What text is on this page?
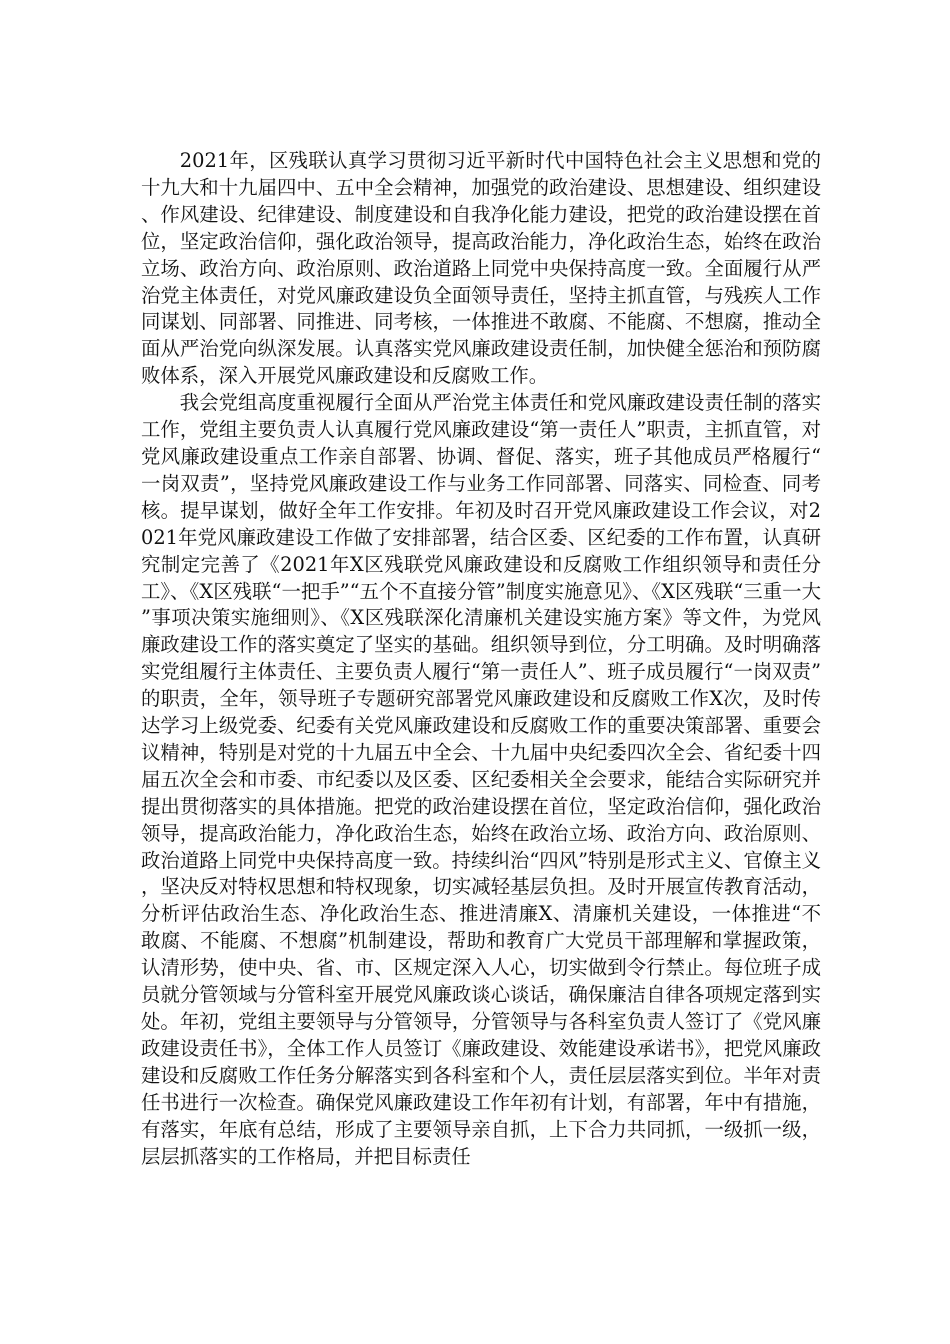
2021年，区残联认真学习贯彻习近平新时代中国特色社会主义思想和党的十九大和十九届四中、五中全会精神，加强党的政治建设、思想建设、组织建设、作风建设、纪律建设、制度建设和自我净化能力建设，把党的政治建设摆在首位，坚定政治信仰，强化政治领导，提高政治能力，净化政治生态，始终在政治立场、政治方向、政治原则、政治道路上同党中央保持高度一致。全面履行从严治党主体责任，对党风廉政建设负全面领导责任，坚持主抓直管，与残疾人工作同谋划、同部署、同推进、同考核，一体推进不敢腐、不能腐、不想腐，推动全面从严治党向纵深发展。认真落实党风廉政建设责任制，加快健全惩治和预防腐败体系，深入开展党风廉政建设和反腐败工作。

我会党组高度重视履行全面从严治党主体责任和党风廉政建设责任制的落实工作，党组主要负责人认真履行党风廉政建设“第一责任人”职责，主抓直管，对党风廉政建设重点工作亲自部署、协调、督促、落实，班子其他成员严格履行“一岗双责”，坚持党风廉政建设工作与业务工作同部署、同落实、同检查、同考核。提早谋划，做好全年工作安排。年初及时召开党风廉政建设工作会议，对2021年党风廉政建设工作做了安排部署，结合区委、区纪委的工作布置，认真研究制定完善了《2021年X区残联党风廉政建设和反腐败工作组织领导和责任分工》、《X区残联“一把手”“五个不直接分管”制度实施意见》、《X区残联“三重一大”事项决策实施细则》、《X区残联深化清廉机关建设实施方案》等文件，为党风廉政建设工作的落实奠定了坚实的基础。组织领导到位，分工明确。及时明确落实党组履行主体责任、主要负责人履行“第一责任人”、班子成员履行“一岗双责”的职责，全年，领导班子专题研究部署党风廉政建设和反腐败工作X次，及时传达学习上级党委、纪委有关党风廉政建设和反腐败工作的重要决策部署、重要会议精神，特别是对党的十九届五中全会、十九届中央纪委四次全会、省纪委十四届五次全会和市委、市纪委以及区委、区纪委相关全会要求，能结合实际研究并提出贯彻落实的具体措施。把党的政治建设摆在首位，坚定政治信仰，强化政治领导，提高政治能力，净化政治生态，始终在政治立场、政治方向、政治原则、政治道路上同党中央保持高度一致。持续纠治“四风”特别是形式主义、官僚主义，坚决反对特权思想和特权现象，切实减轻基层负担。及时开展宣传教育活动，分析评估政治生态、净化政治生态、推进清廉X、清廉机关建设，一体推进“不敢腐、不能腐、不想腐”机制建设，帮助和教育广大党员干部理解和掌握政策，认清形势，使中央、省、市、区规定深入人心，切实做到令行禁止。每位班子成员就分管领域与分管科室开展党风廉政谈心谈话，确保廉洁自律各项规定落到实处。年初，党组主要领导与分管领导，分管领导与各科室负责人签订了《党风廉政建设责任书》，全体工作人员签订《廉政建设、效能建设承诺书》，把党风廉政建设和反腐败工作任务分解落实到各科室和个人，责任层层落实到位。半年对责任书进行一次检查。确保党风廉政建设工作年初有计划，有部署，年中有措施，有落实，年底有总结，形成了主要领导亲自抓，上下合力共同抓，一级抓一级，层层抓落实的工作格局，并把目标责任
